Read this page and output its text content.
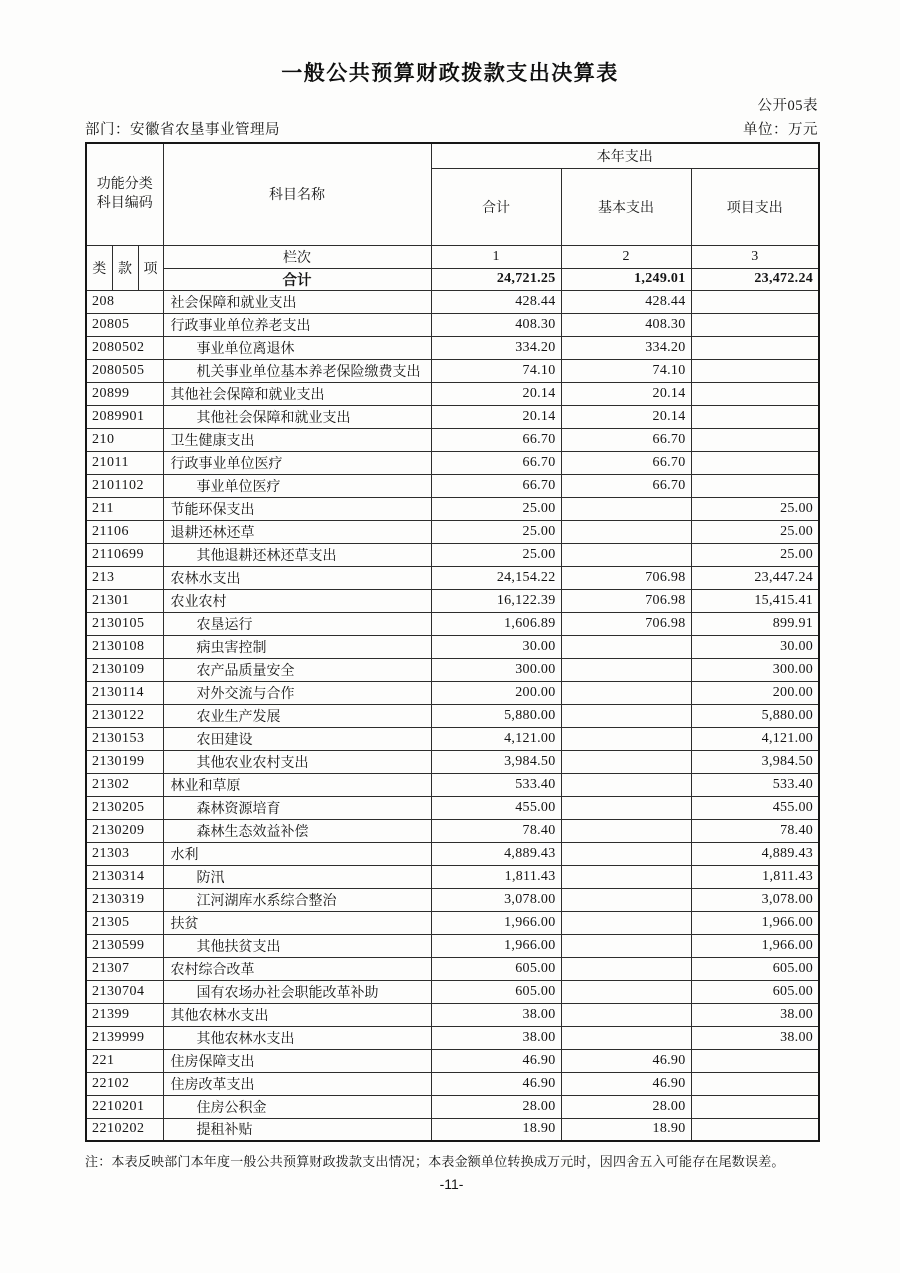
一般公共预算财政拨款支出决算表
公开05表
部门：安徽省农垦事业管理局	单位：万元
功能分类
科目编码			科目名称	本年支出		
				合计	基本支出	项目支出
类	款	项	栏次	1	2	3
			合计	24,721.25	1,249.01	23,472.24
208			社会保障和就业支出	428.44	428.44	
20805			行政事业单位养老支出	408.30	408.30	
2080502			事业单位离退休	334.20	334.20	
2080505			机关事业单位基本养老保险缴费支出	74.10	74.10	
20899			其他社会保障和就业支出	20.14	20.14	
2089901			其他社会保障和就业支出	20.14	20.14	
210			卫生健康支出	66.70	66.70	
21011			行政事业单位医疗	66.70	66.70	
2101102			事业单位医疗	66.70	66.70	
211			节能环保支出	25.00		25.00
21106			退耕还林还草	25.00		25.00
2110699			其他退耕还林还草支出	25.00		25.00
213			农林水支出	24,154.22	706.98	23,447.24
21301			农业农村	16,122.39	706.98	15,415.41
2130105			农垦运行	1,606.89	706.98	899.91
2130108			病虫害控制	30.00		30.00
2130109			农产品质量安全	300.00		300.00
2130114			对外交流与合作	200.00		200.00
2130122			农业生产发展	5,880.00		5,880.00
2130153			农田建设	4,121.00		4,121.00
2130199			其他农业农村支出	3,984.50		3,984.50
21302			林业和草原	533.40		533.40
2130205			森林资源培育	455.00		455.00
2130209			森林生态效益补偿	78.40		78.40
21303			水利	4,889.43		4,889.43
2130314			防汛	1,811.43		1,811.43
2130319			江河湖库水系综合整治	3,078.00		3,078.00
21305			扶贫	1,966.00		1,966.00
2130599			其他扶贫支出	1,966.00		1,966.00
21307			农村综合改革	605.00		605.00
2130704			国有农场办社会职能改革补助	605.00		605.00
21399			其他农林水支出	38.00		38.00
2139999			其他农林水支出	38.00		38.00
221			住房保障支出	46.90	46.90	
22102			住房改革支出	46.90	46.90	
2210201			住房公积金	28.00	28.00	
2210202			提租补贴	18.90	18.90	
注：本表反映部门本年度一般公共预算财政拨款支出情况；本表金额单位转换成万元时，因四舍五入可能存在尾数误差。
-11-
